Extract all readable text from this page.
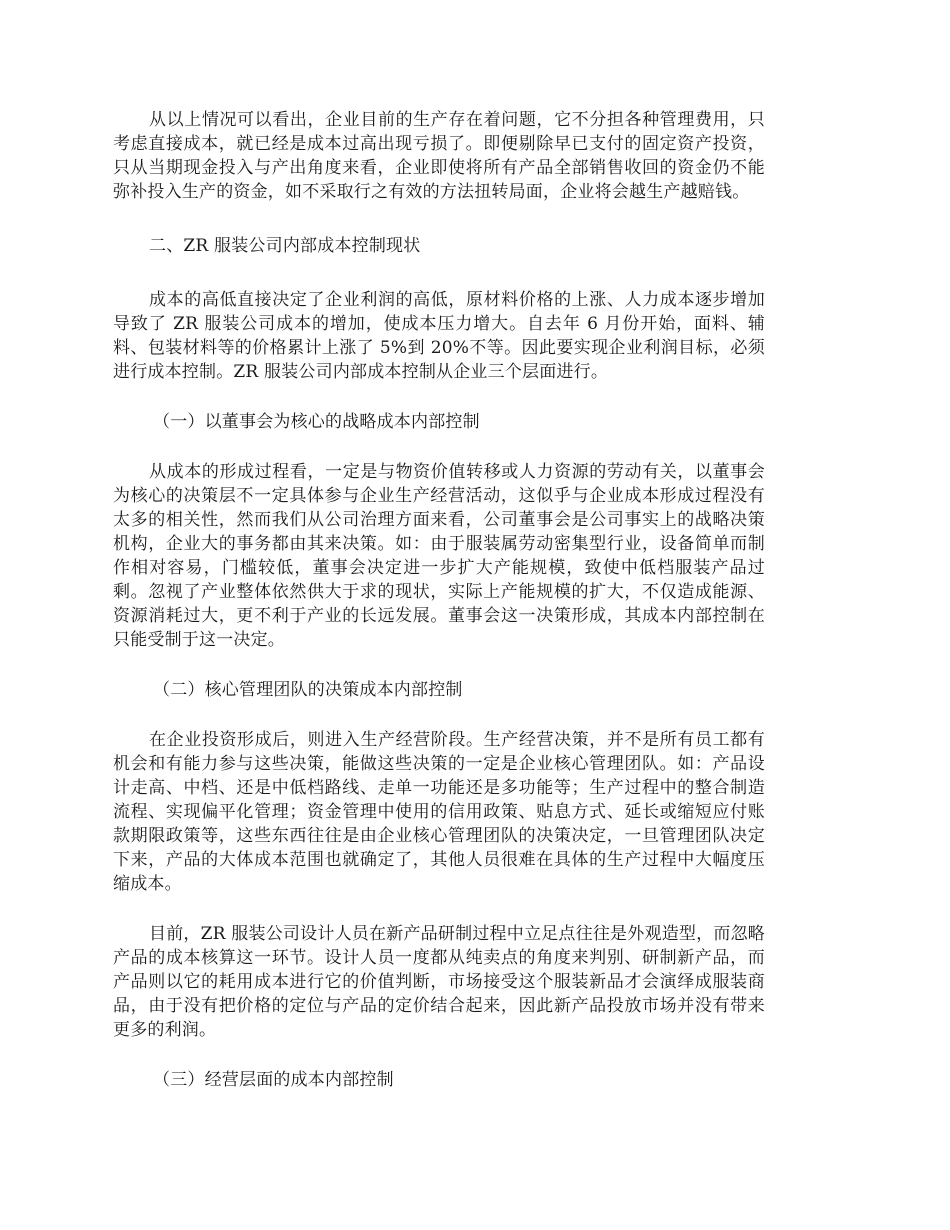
从以上情况可以看出，企业目前的生产存在着问题，它不分担各种管理费用，只考虑直接成本，就已经是成本过高出现亏损了。即便剔除早已支付的固定资产投资，只从当期现金投入与产出角度来看，企业即使将所有产品全部销售收回的资金仍不能弥补投入生产的资金，如不采取行之有效的方法扭转局面，企业将会越生产越赔钱。

二、ZR 服装公司内部成本控制现状

成本的高低直接决定了企业利润的高低，原材料价格的上涨、人力成本逐步增加导致了 ZR 服装公司成本的增加，使成本压力增大。自去年 6 月份开始，面料、辅料、包装材料等的价格累计上涨了 5%到 20%不等。因此要实现企业利润目标，必须进行成本控制。ZR 服装公司内部成本控制从企业三个层面进行。

（一）以董事会为核心的战略成本内部控制

从成本的形成过程看，一定是与物资价值转移或人力资源的劳动有关，以董事会为核心的决策层不一定具体参与企业生产经营活动，这似乎与企业成本形成过程没有太多的相关性，然而我们从公司治理方面来看，公司董事会是公司事实上的战略决策机构，企业大的事务都由其来决策。如：由于服装属劳动密集型行业，设备简单而制作相对容易，门槛较低，董事会决定进一步扩大产能规模，致使中低档服装产品过剩。忽视了产业整体依然供大于求的现状，实际上产能规模的扩大，不仅造成能源、资源消耗过大，更不利于产业的长远发展。董事会这一决策形成，其成本内部控制在只能受制于这一决定。

（二）核心管理团队的决策成本内部控制

在企业投资形成后，则进入生产经营阶段。生产经营决策，并不是所有员工都有机会和有能力参与这些决策，能做这些决策的一定是企业核心管理团队。如：产品设计走高、中档、还是中低档路线、走单一功能还是多功能等；生产过程中的整合制造流程、实现偏平化管理；资金管理中使用的信用政策、贴息方式、延长或缩短应付账款期限政策等，这些东西往往是由企业核心管理团队的决策决定，一旦管理团队决定下来，产品的大体成本范围也就确定了，其他人员很难在具体的生产过程中大幅度压缩成本。

目前，ZR 服装公司设计人员在新产品研制过程中立足点往往是外观造型，而忽略产品的成本核算这一环节。设计人员一度都从纯卖点的角度来判别、研制新产品，而产品则以它的耗用成本进行它的价值判断，市场接受这个服装新品才会演绎成服装商品，由于没有把价格的定位与产品的定价结合起来，因此新产品投放市场并没有带来更多的利润。

（三）经营层面的成本内部控制
